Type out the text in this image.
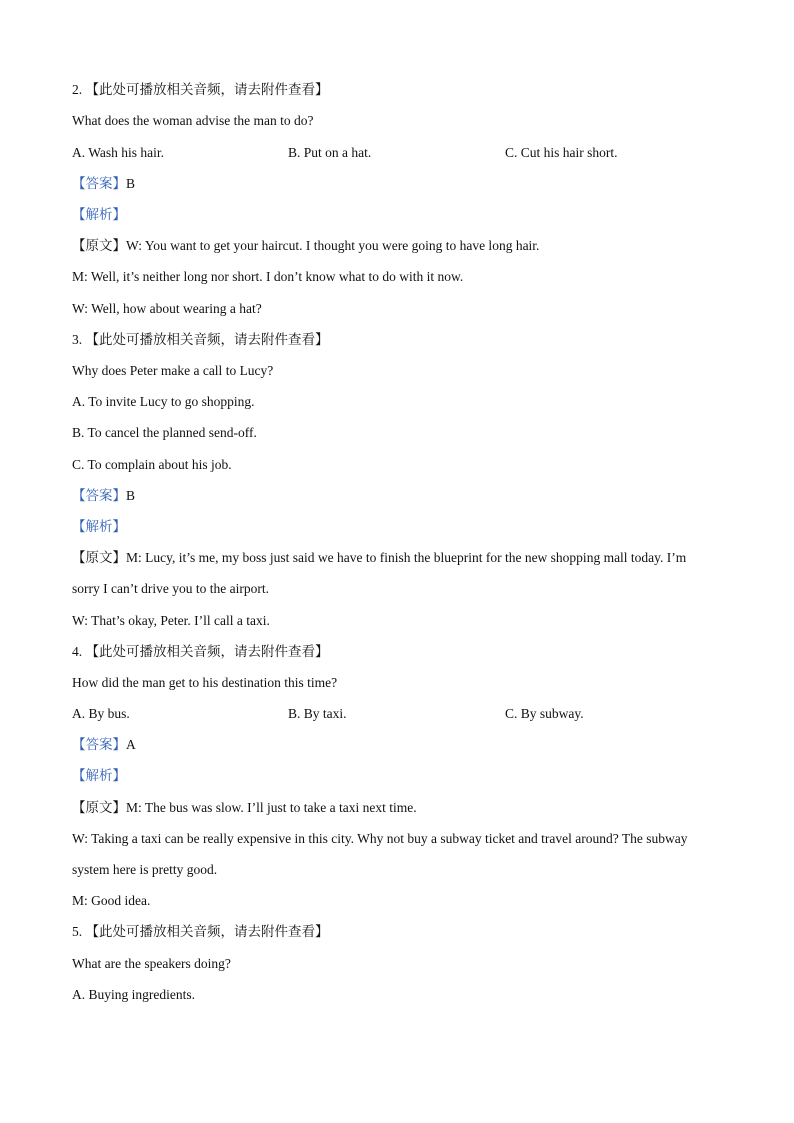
2. 【此处可播放相关音频，请去附件查看】
What does the woman advise the man to do?
A. Wash his hair.	B. Put on a hat.	C. Cut his hair short.
【答案】B
【解析】
【原文】W: You want to get your haircut. I thought you were going to have long hair.
M: Well, it’s neither long nor short. I don’t know what to do with it now.
W: Well, how about wearing a hat?
3. 【此处可播放相关音频，请去附件查看】
Why does Peter make a call to Lucy?
A. To invite Lucy to go shopping.
B. To cancel the planned send-off.
C. To complain about his job.
【答案】B
【解析】
【原文】M: Lucy, it’s me, my boss just said we have to finish the blueprint for the new shopping mall today. I’m
sorry I can’t drive you to the airport.
W: That’s okay, Peter. I’ll call a taxi.
4. 【此处可播放相关音频，请去附件查看】
How did the man get to his destination this time?
A. By bus.	B. By taxi.	C. By subway.
【答案】A
【解析】
【原文】M: The bus was slow. I’ll just to take a taxi next time.
W: Taking a taxi can be really expensive in this city. Why not buy a subway ticket and travel around? The subway
system here is pretty good.
M: Good idea.
5. 【此处可播放相关音频，请去附件查看】
What are the speakers doing?
A. Buying ingredients.
